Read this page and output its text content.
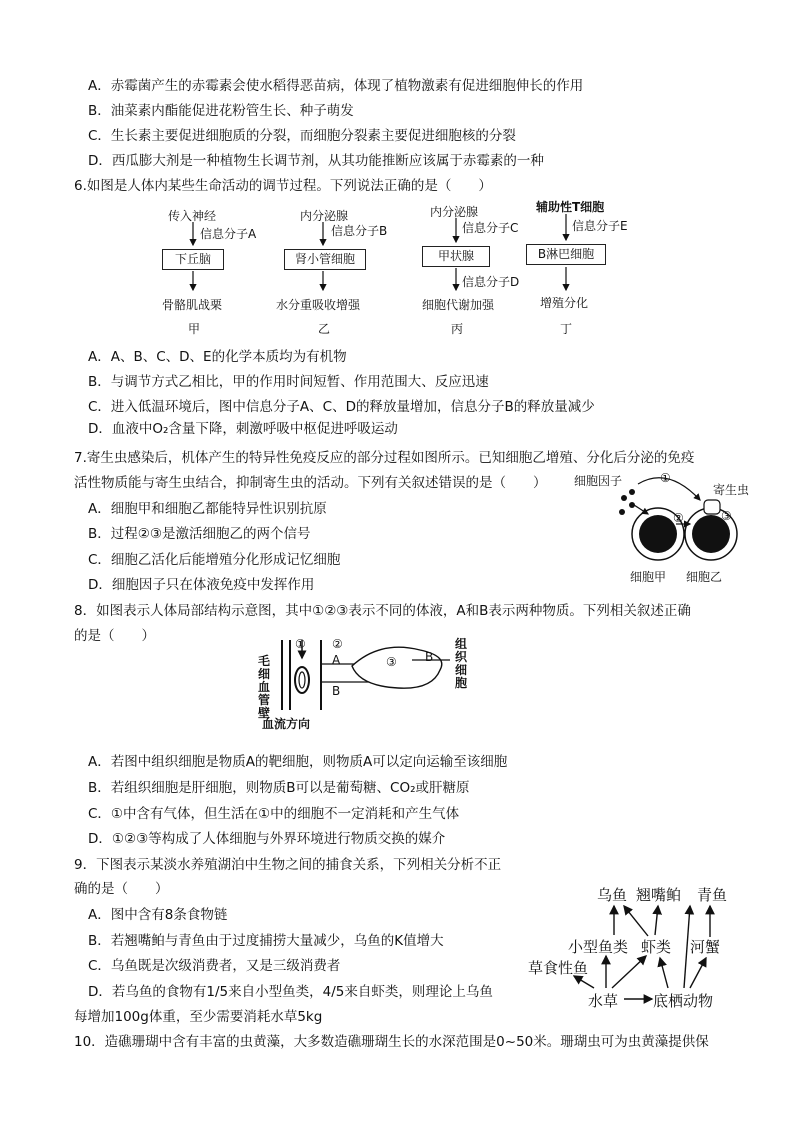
A．赤霉菌产生的赤霉素会使水稻得恶苗病，体现了植物激素有促进细胞伸长的作用
B．油菜素内酯能促进花粉管生长、种子萌发
C．生长素主要促进细胞质的分裂，而细胞分裂素主要促进细胞核的分裂
D．西瓜膨大剂是一种植物生长调节剂，从其功能推断应该属于赤霉素的一种
6.如图是人体内某些生命活动的调节过程。下列说法正确的是（　　）
传入神经
信息分子A
下丘脑
骨骼肌战栗
甲
内分泌腺
信息分子B
肾小管细胞
水分重吸收增强
乙
内分泌腺
信息分子C
甲状腺
信息分子D
细胞代谢加强
丙
辅助性T细胞
信息分子E
B淋巴细胞
增殖分化
丁
A．A、B、C、D、E的化学本质均为有机物
B．与调节方式乙相比，甲的作用时间短暂、作用范围大、反应迅速
C．进入低温环境后，图中信息分子A、C、D的释放量增加，信息分子B的释放量减少
D．血液中O₂含量下降，刺激呼吸中枢促进呼吸运动
7.寄生虫感染后，机体产生的特异性免疫反应的部分过程如图所示。已知细胞乙增殖、分化后分泌的免疫
活性物质能与寄生虫结合，抑制寄生虫的活动。下列有关叙述错误的是（　　）
A．细胞甲和细胞乙都能特异性识别抗原
B．过程②③是激活细胞乙的两个信号
C．细胞乙活化后能增殖分化形成记忆细胞
D．细胞因子只在体液免疫中发挥作用
细胞因子	①
寄生虫
②	③
细胞甲 细胞乙
8．如图表示人体局部结构示意图，其中①②③表示不同的体液，A和B表示两种物质。下列相关叙述正确
的是（　　）	① ②
A
B
③ B
组织细胞
毛细血管壁
血流方向
A．若图中组织细胞是物质A的靶细胞，则物质A可以定向运输至该细胞
B．若组织细胞是肝细胞，则物质B可以是葡萄糖、CO₂或肝糖原
C．①中含有气体，但生活在①中的细胞不一定消耗和产生气体
D．①②③等构成了人体细胞与外界环境进行物质交换的媒介
9．下图表示某淡水养殖湖泊中生物之间的捕食关系，下列相关分析不正
确的是（　　）
A．图中含有8条食物链
B．若翘嘴鲌与青鱼由于过度捕捞大量减少，乌鱼的K值增大
C．乌鱼既是次级消费者，又是三级消费者
D．若乌鱼的食物有1/5来自小型鱼类，4/5来自虾类，则理论上乌鱼
每增加100g体重，至少需要消耗水草5kg
乌鱼 翘嘴鲌 青鱼
小型鱼类 虾类 河蟹
草食性鱼
水草 底栖动物
10．造礁珊瑚中含有丰富的虫黄藻，大多数造礁珊瑚生长的水深范围是0~50米。珊瑚虫可为虫黄藻提供保
